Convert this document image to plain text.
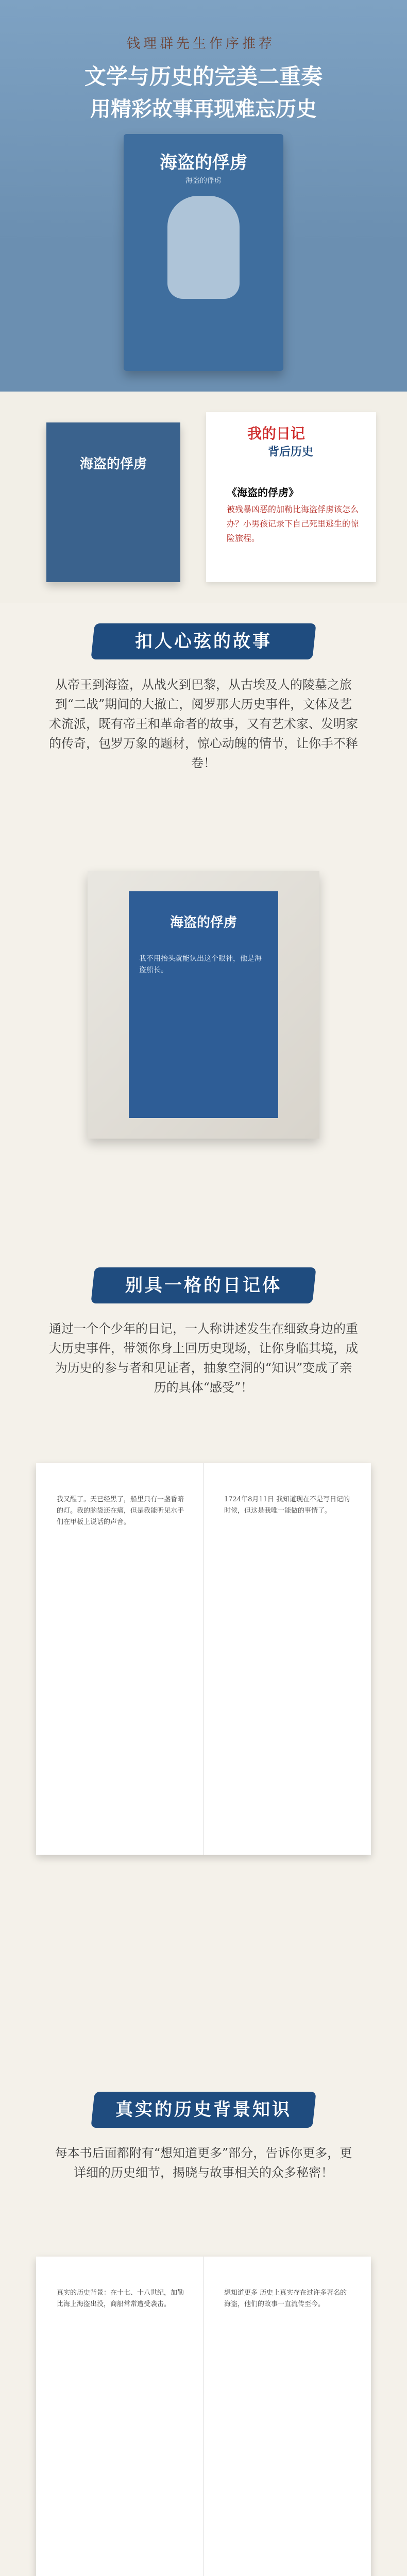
钱理群先生作序推荐
文学与历史的完美二重奏
用精彩故事再现难忘历史
海盗的俘虏
海盗的俘虏
海盗的俘虏
我的日记
背后历史
《海盗的俘虏》
被残暴凶恶的加勒比海盗俘虏该怎么办？小男孩记录下自己死里逃生的惊险旅程。
扣人心弦的故事
从帝王到海盗，从战火到巴黎，从古埃及人的陵墓之旅到“二战”期间的大撤亡，阅罗那大历史事件，文体及艺术流派，既有帝王和革命者的故事，又有艺术家、发明家的传奇，包罗万象的题材，惊心动魄的情节，让你手不释卷！
海盗的俘虏
我不用抬头就能认出这个眼神，他是海盗船长。
别具一格的日记体
通过一个个少年的日记，一人称讲述发生在细致身边的重大历史事件，带领你身上回历史现场，让你身临其境，成为历史的参与者和见证者，抽象空洞的“知识”变成了亲历的具体“感受”！
我又醒了。天已经黑了，船里只有一盏昏暗的灯。我的脑袋还在痛，但是我能听见水手们在甲板上说话的声音。
1724年8月11日 我知道现在不是写日记的时候，但这是我唯一能做的事情了。
真实的历史背景知识
每本书后面都附有“想知道更多”部分，告诉你更多，更详细的历史细节，揭晓与故事相关的众多秘密！
真实的历史背景：在十七、十八世纪，加勒比海上海盗出没，商船常常遭受袭击。
想知道更多 历史上真实存在过许多著名的海盗，他们的故事一直流传至今。
